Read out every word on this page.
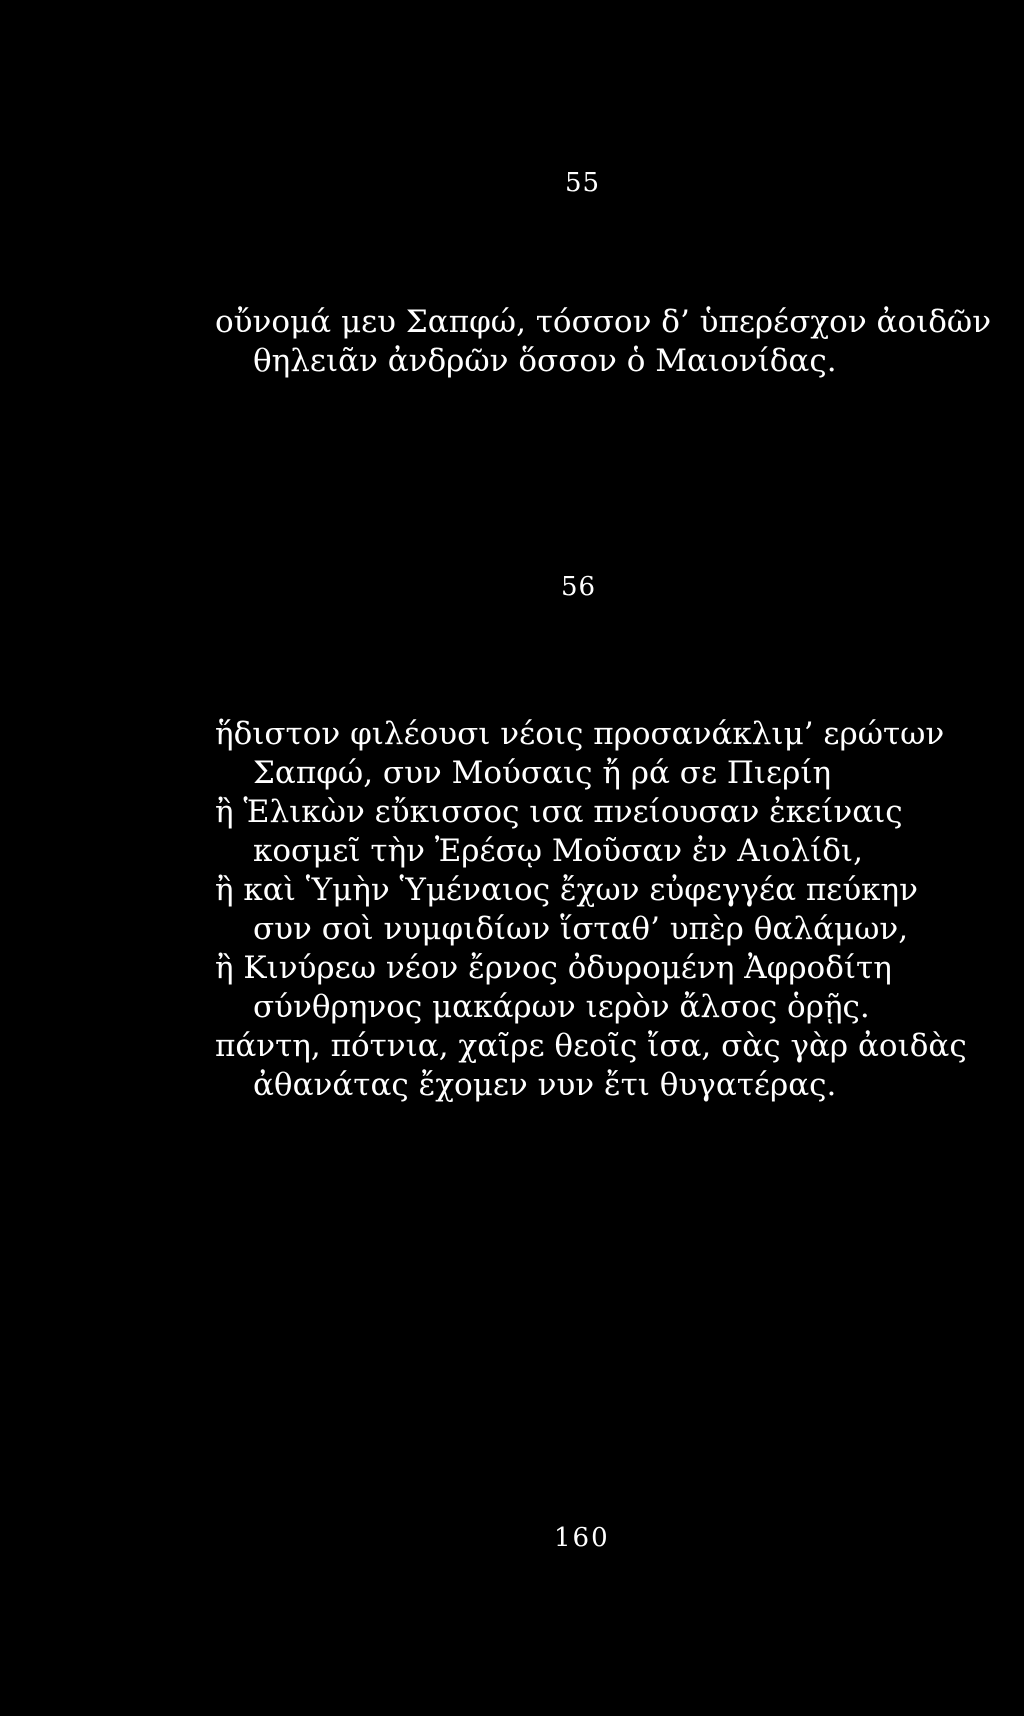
55
οὔνομά μευ Σαπφώ, τόσσον δ’ ὑπερέσχον ἀοιδῶν
θηλειᾶν ἀνδρῶν ὅσσον ὁ Μαιονίδας.
56
ἥδιστον φιλέουσι νέοις προσανάκλιμ’ ερώτων
Σαπφώ, συν Μούσαις ἤ ρά σε Πιερίη
ἢ Ἑλικὼν εὔκισσος ισα πνείουσαν ἐκείναις
κοσμεῖ τὴν Ἐρέσῳ Μοῦσαν ἐν Αιολίδι,
ἢ καὶ Ὑμὴν Ὑμέναιος ἔχων εὐφεγγέα πεύκην
συν σοὶ νυμφιδίων ἵσταθ’ υπὲρ θαλάμων,
ἢ Κινύρεω νέον ἔρνος ὀδυρομένη Ἀφροδίτη
σύνθρηνος μακάρων ιερὸν ἄλσος ὁρῇς.
πάντη, πότνια, χαῖρε θεοῖς ἴσα, σὰς γὰρ ἀοιδὰς
ἀθανάτας ἔχομεν νυν ἔτι θυγατέρας.
160
